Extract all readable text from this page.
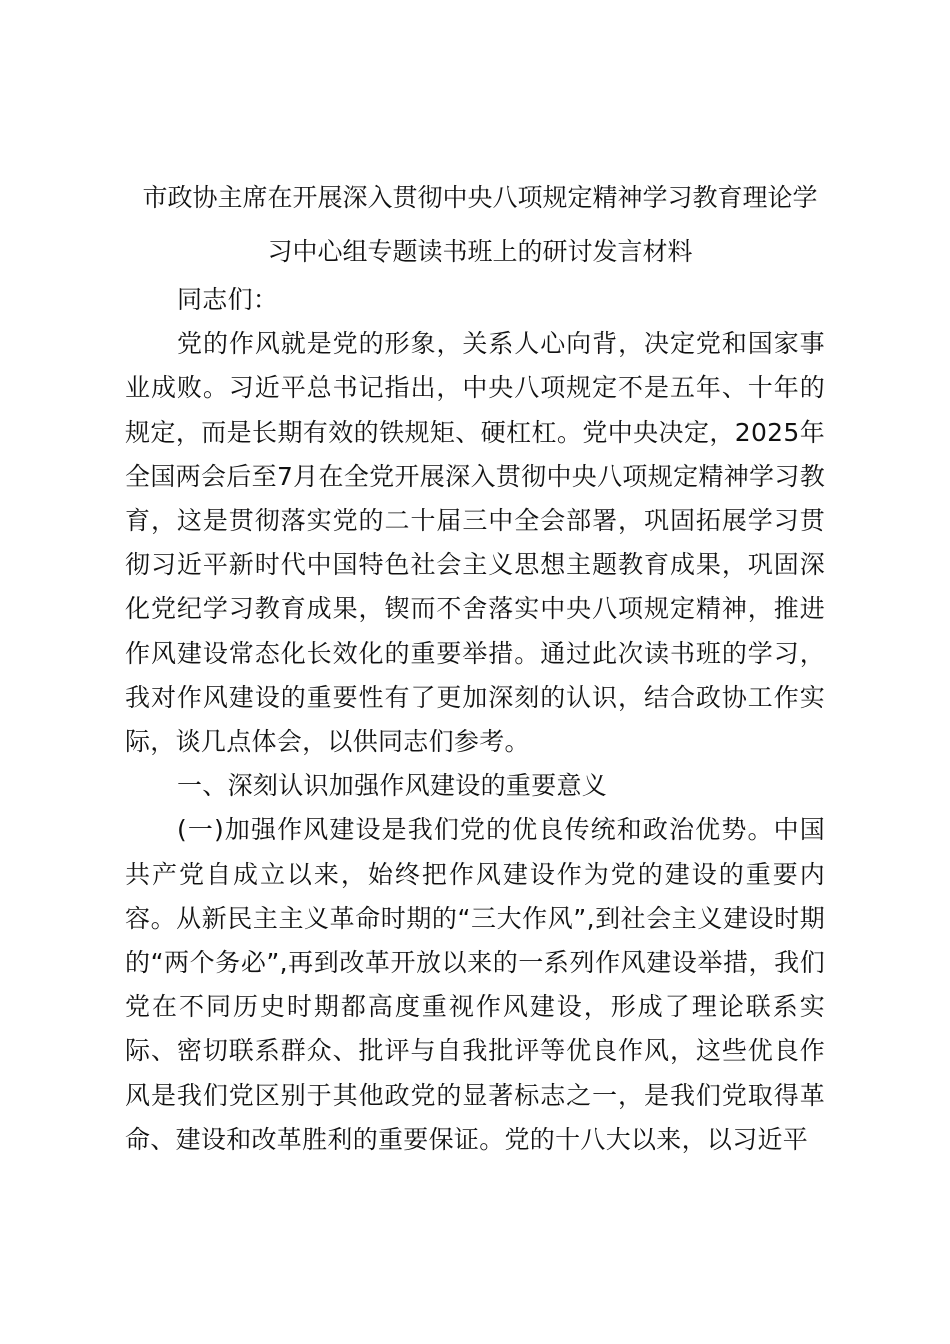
市政协主席在开展深入贯彻中央八项规定精神学习教育理论学
习中心组专题读书班上的研讨发言材料

同志们：

党的作风就是党的形象，关系人心向背，决定党和国家事业成败。习近平总书记指出，中央八项规定不是五年、十年的规定，而是长期有效的铁规矩、硬杠杠。党中央决定，2025年全国两会后至7月在全党开展深入贯彻中央八项规定精神学习教育，这是贯彻落实党的二十届三中全会部署，巩固拓展学习贯彻习近平新时代中国特色社会主义思想主题教育成果，巩固深化党纪学习教育成果，锲而不舍落实中央八项规定精神，推进作风建设常态化长效化的重要举措。通过此次读书班的学习，我对作风建设的重要性有了更加深刻的认识，结合政协工作实际，谈几点体会，以供同志们参考。

一、深刻认识加强作风建设的重要意义

(一)加强作风建设是我们党的优良传统和政治优势。中国共产党自成立以来，始终把作风建设作为党的建设的重要内容。从新民主主义革命时期的“三大作风”,到社会主义建设时期的“两个务必”,再到改革开放以来的一系列作风建设举措，我们党在不同历史时期都高度重视作风建设，形成了理论联系实际、密切联系群众、批评与自我批评等优良作风，这些优良作风是我们党区别于其他政党的显著标志之一，是我们党取得革命、建设和改革胜利的重要保证。党的十八大以来，以习近平
